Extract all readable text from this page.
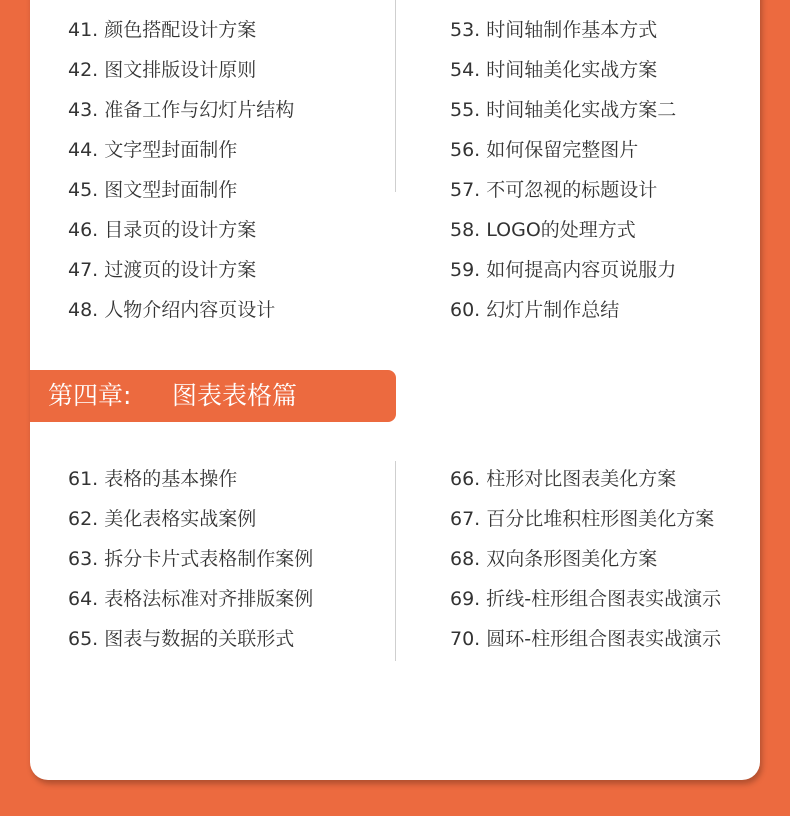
41. 颜色搭配设计方案
42. 图文排版设计原则
43. 准备工作与幻灯片结构
44. 文字型封面制作
45. 图文型封面制作
46. 目录页的设计方案
47. 过渡页的设计方案
48. 人物介绍内容页设计
53. 时间轴制作基本方式
54. 时间轴美化实战方案
55. 时间轴美化实战方案二
56. 如何保留完整图片
57. 不可忽视的标题设计
58. LOGO的处理方式
59. 如何提高内容页说服力
60. 幻灯片制作总结
第四章: 图表表格篇
61. 表格的基本操作
62. 美化表格实战案例
63. 拆分卡片式表格制作案例
64. 表格法标准对齐排版案例
65. 图表与数据的关联形式
66. 柱形对比图表美化方案
67. 百分比堆积柱形图美化方案
68. 双向条形图美化方案
69. 折线-柱形组合图表实战演示
70. 圆环-柱形组合图表实战演示
